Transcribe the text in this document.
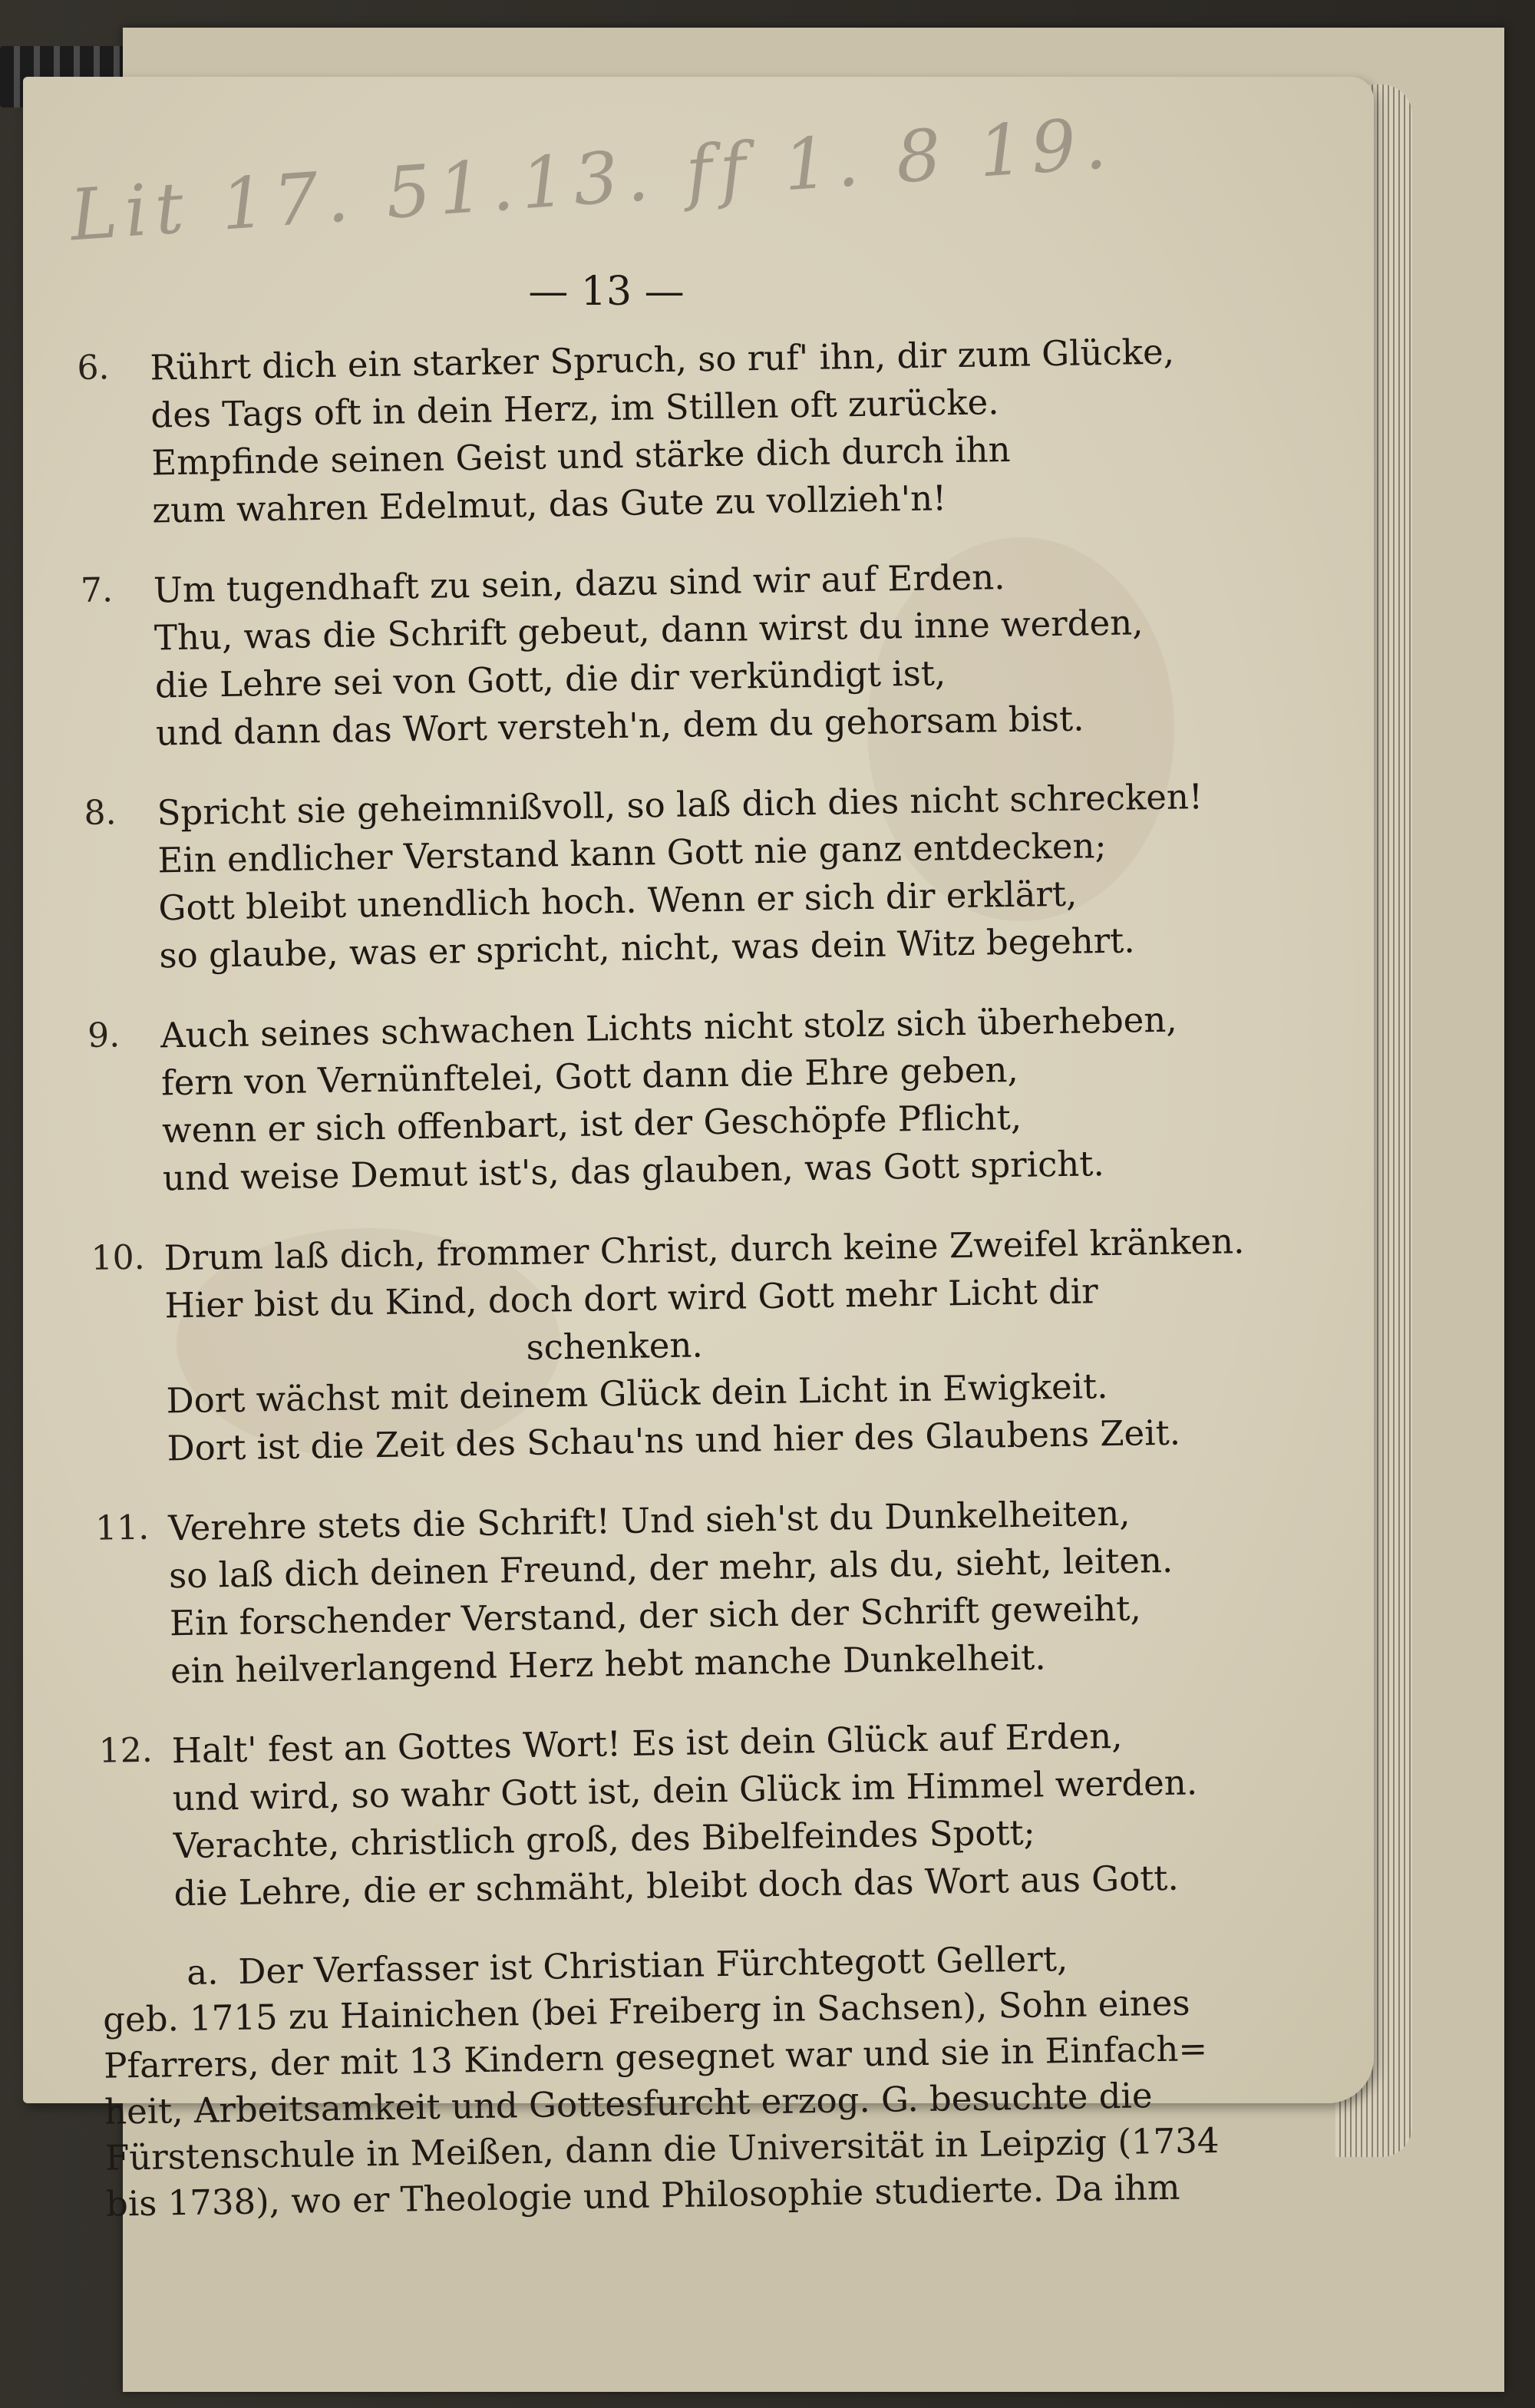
Lit 17. 51.13. ff 1. 8 19.
— 13 —
6.	Rührt dich ein starker Spruch, so ruf' ihn, dir zum Glücke,
des Tags oft in dein Herz, im Stillen oft zurücke.
Empfinde seinen Geist und stärke dich durch ihn
zum wahren Edelmut, das Gute zu vollzieh'n!
7.	Um tugendhaft zu sein, dazu sind wir auf Erden.
Thu, was die Schrift gebeut, dann wirst du inne werden,
die Lehre sei von Gott, die dir verkündigt ist,
und dann das Wort versteh'n, dem du gehorsam bist.
8.	Spricht sie geheimnißvoll, so laß dich dies nicht schrecken!
Ein endlicher Verstand kann Gott nie ganz entdecken;
Gott bleibt unendlich hoch. Wenn er sich dir erklärt,
so glaube, was er spricht, nicht, was dein Witz begehrt.
9.	Auch seines schwachen Lichts nicht stolz sich überheben,
fern von Vernünftelei, Gott dann die Ehre geben,
wenn er sich offenbart, ist der Geschöpfe Pflicht,
und weise Demut ist's, das glauben, was Gott spricht.
10. Drum laß dich, frommer Christ, durch keine Zweifel kränken.
Hier bist du Kind, doch dort wird Gott mehr Licht dir
schenken.
Dort wächst mit deinem Glück dein Licht in Ewigkeit.
Dort ist die Zeit des Schau'ns und hier des Glaubens Zeit.
11. Verehre stets die Schrift! Und sieh'st du Dunkelheiten,
so laß dich deinen Freund, der mehr, als du, sieht, leiten.
Ein forschender Verstand, der sich der Schrift geweiht,
ein heilverlangend Herz hebt manche Dunkelheit.
12. Halt' fest an Gottes Wort! Es ist dein Glück auf Erden,
und wird, so wahr Gott ist, dein Glück im Himmel werden.
Verachte, christlich groß, des Bibelfeindes Spott;
die Lehre, die er schmäht, bleibt doch das Wort aus Gott.
a. Der Verfasser ist Christian Fürchtegott Gellert,
geb. 1715 zu Hainichen (bei Freiberg in Sachsen), Sohn eines
Pfarrers, der mit 13 Kindern gesegnet war und sie in Einfach=
heit, Arbeitsamkeit und Gottesfurcht erzog. G. besuchte die
Fürstenschule in Meißen, dann die Universität in Leipzig (1734
bis 1738), wo er Theologie und Philosophie studierte. Da ihm
